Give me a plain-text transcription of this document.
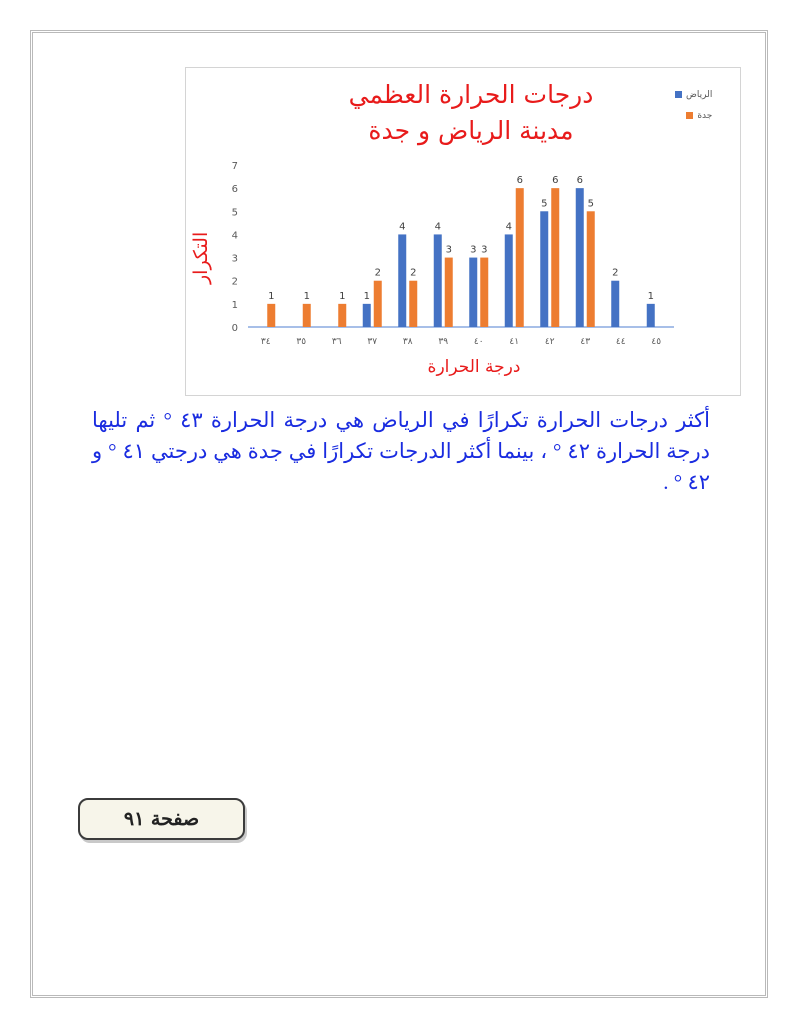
0
1
2
3
4
5
6
7
1
٣٤
1
٣٥
1
٣٦
1
2
٣٧
4
2
٣٨
4
3
٣٩
3 3
٤٠
4
6
٤١
5
6
٤٢
6
5
٤٣
2
٤٤
1
٤٥
درجات الحرارة العظمي
مدينة الرياض و جدة
الرياض
جدة
التكرار
درجة الحرارة

أكثر درجات الحرارة تكرارًا في الرياض هي درجة الحرارة ٤٣ ° ثم تليها درجة الحرارة ٤٢ ° ، بينما أكثر الدرجات تكرارًا في جدة هي درجتي ٤١ ° و ٤٢ ° .

صفحة ٩١
